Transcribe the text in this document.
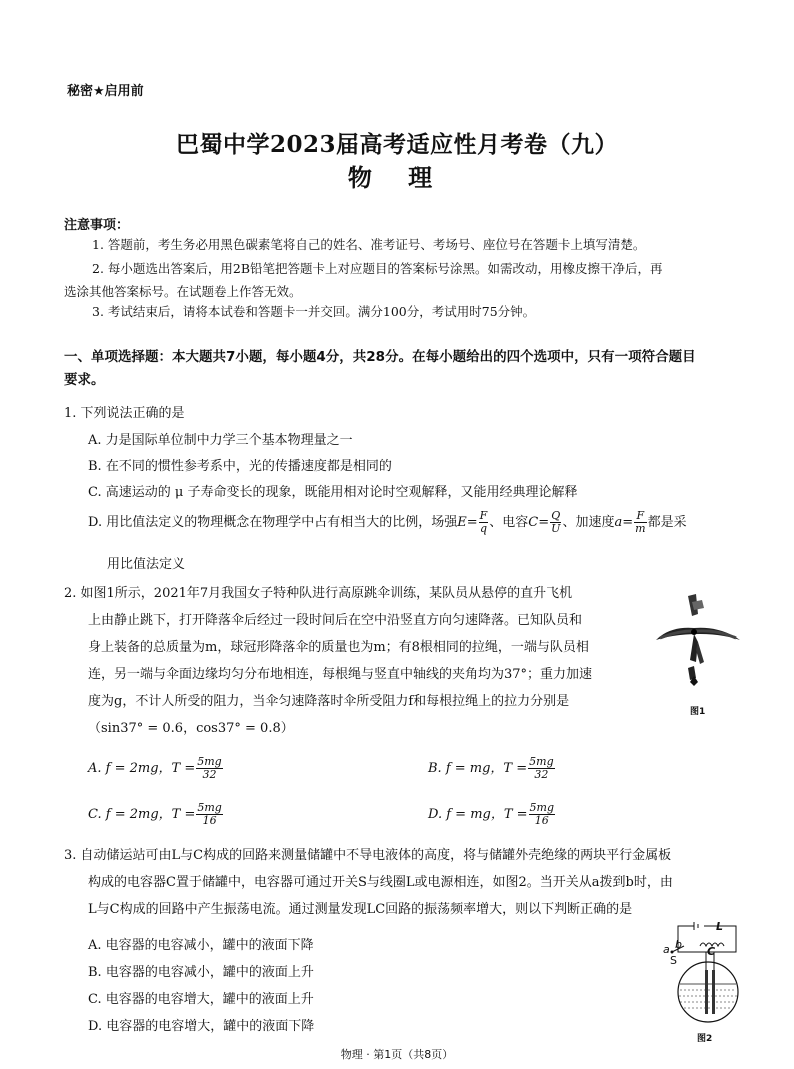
秘密★启用前
巴蜀中学2023届高考适应性月考卷（九）
物 理
注意事项：
1. 答题前，考生务必用黑色碳素笔将自己的姓名、准考证号、考场号、座位号在答题卡上填写清楚。
2. 每小题选出答案后，用2B铅笔把答题卡上对应题目的答案标号涂黑。如需改动，用橡皮擦干净后，再
选涂其他答案标号。在试题卷上作答无效。
3. 考试结束后，请将本试卷和答题卡一并交回。满分100分，考试用时75分钟。
一、单项选择题：本大题共7小题，每小题4分，共28分。在每小题给出的四个选项中，只有一项符合题目
要求。
1. 下列说法正确的是
A. 力是国际单位制中力学三个基本物理量之一
B. 在不同的惯性参考系中，光的传播速度都是相同的
C. 高速运动的 μ 子寿命变长的现象，既能用相对论时空观解释，又能用经典理论解释
D. 用比值法定义的物理概念在物理学中占有相当大的比例，场强$E= \frac{F}{q}$ 、电容$C= \frac{Q}{U}$ 、加速度$a= \frac{F}{m}$ 都是采
用比值法定义
2. 如图1所示，2021年7月我国女子特种队进行高原跳伞训练，某队员从悬停的直升飞机
上由静止跳下，打开降落伞后经过一段时间后在空中沿竖直方向匀速降落。已知队员和
身上装备的总质量为m，球冠形降落伞的质量也为m；有8根相同的拉绳，一端与队员相
连，另一端与伞面边缘均匀分布地相连，每根绳与竖直中轴线的夹角均为37°；重力加速
度为g，不计人所受的阻力，当伞匀速降落时伞所受阻力f和每根拉绳上的拉力分别是
（sin37° = 0.6，cos37° = 0.8）
图1
A. f = 2mg，$T = \frac{5mg}{32}$	B. f = mg，$T = \frac{5mg}{32}$
C. f = 2mg，$T = \frac{5mg}{16}$	D. f = mg，$T = \frac{5mg}{16}$
3. 自动储运站可由L与C构成的回路来测量储罐中不导电液体的高度，将与储罐外壳绝缘的两块平行金属板
构成的电容器C置于储罐中，电容器可通过开关S与线圈L或电源相连，如图2。当开关从a拨到b时，由
L与C构成的回路中产生振荡电流。通过测量发现LC回路的振荡频率增大，则以下判断正确的是
A. 电容器的电容减小，罐中的液面下降
B. 电容器的电容减小，罐中的液面上升
C. 电容器的电容增大，罐中的液面上升
D. 电容器的电容增大，罐中的液面下降
L
C
a b
S
图2
物理 · 第1页（共8页）
